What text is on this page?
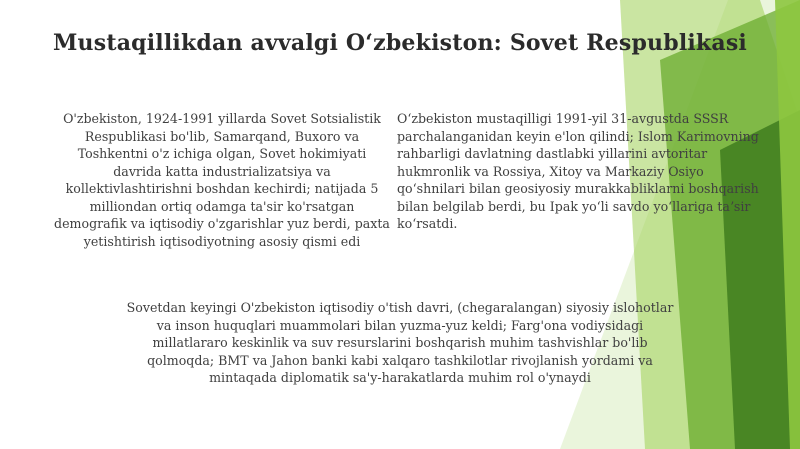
Mustaqillikdan avvalgi Oʻzbekiston: Sovet Respublikasi

O'zbekiston, 1924-1991 yillarda Sovet Sotsialistik Respublikasi bo'lib, Samarqand, Buxoro va Toshkentni o'z ichiga olgan, Sovet hokimiyati davrida katta industrializatsiya va kollektivlashtirishni boshdan kechirdi; natijada 5 milliondan ortiq odamga ta'sir ko'rsatgan demografik va iqtisodiy o'zgarishlar yuz berdi, paxta yetishtirish iqtisodiyotning asosiy qismi edi

Oʻzbekiston mustaqilligi 1991-yil 31-avgustda SSSR parchalanganidan keyin e'lon qilindi; Islom Karimovning rahbarligi davlatning dastlabki yillarini avtoritar hukmronlik va Rossiya, Xitoy va Markaziy Osiyo qoʻshnilari bilan geosiyosiy murakkabliklarni boshqarish bilan belgilab berdi, bu Ipak yoʻli savdo yoʻllariga taʼsir koʻrsatdi.

Sovetdan keyingi O'zbekiston iqtisodiy o'tish davri, (chegaralangan) siyosiy islohotlar va inson huquqlari muammolari bilan yuzma-yuz keldi; Farg'ona vodiysidagi millatlararo keskinlik va suv resurslarini boshqarish muhim tashvishlar bo'lib qolmoqda; BMT va Jahon banki kabi xalqaro tashkilotlar rivojlanish yordami va mintaqada diplomatik sa'y-harakatlarda muhim rol o'ynaydi
